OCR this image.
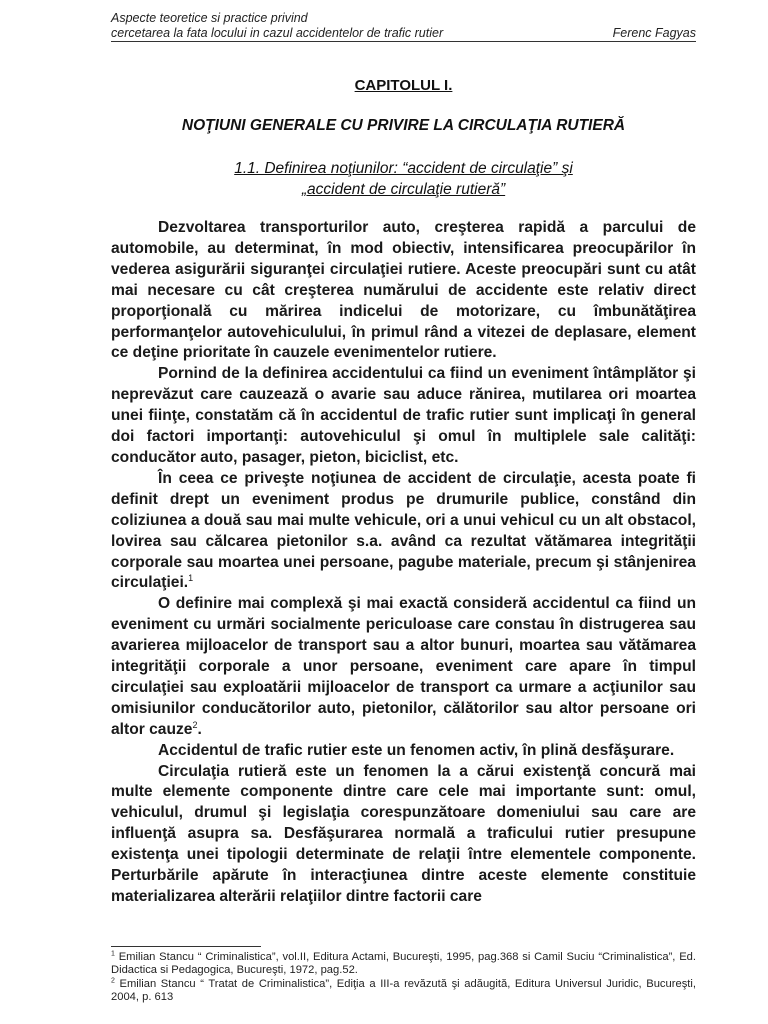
Aspecte teoretice si practice privind
cercetarea la fata locului in cazul accidentelor de trafic rutier	Ferenc Fagyas
CAPITOLUL I.
NOŢIUNI GENERALE CU PRIVIRE LA CIRCULAŢIA RUTIERĂ
1.1. Definirea noţiunilor: “accident de circulaţie” şi
„accident de circulaţie rutieră”

Dezvoltarea transporturilor auto, creşterea rapidă a parcului de automobile, au determinat, în mod obiectiv, intensificarea preocupărilor în vederea asigurării siguranţei circulaţiei rutiere. Aceste preocupări sunt cu atât mai necesare cu cât creşterea numărului de accidente este relativ direct proporţională cu mărirea indicelui de motorizare, cu îmbunătăţirea performanţelor autovehiculului, în primul rând a vitezei de deplasare, element ce deţine prioritate în cauzele evenimentelor rutiere.

Pornind de la definirea accidentului ca fiind un eveniment întâmplător şi neprevăzut care cauzează o avarie sau aduce rănirea, mutilarea ori moartea unei fiinţe, constatăm că în accidentul de trafic rutier sunt implicaţi în general doi factori importanţi: autovehiculul şi omul în multiplele sale calităţi: conducător auto, pasager, pieton, biciclist, etc.

În ceea ce priveşte noţiunea de accident de circulaţie, acesta poate fi definit drept un eveniment produs pe drumurile publice, constând din coliziunea a două sau mai multe vehicule, ori a unui vehicul cu un alt obstacol, lovirea sau călcarea pietonilor s.a. având ca rezultat vătămarea integrităţii corporale sau moartea unei persoane, pagube materiale, precum şi stânjenirea circulaţiei.$^1$

O definire mai complexă şi mai exactă consideră accidentul ca fiind un eveniment cu urmări socialmente periculoase care constau în distrugerea sau avarierea mijloacelor de transport sau a altor bunuri, moartea sau vătămarea integrităţii corporale a unor persoane, eveniment care apare în timpul circulaţiei sau exploatării mijloacelor de transport ca urmare a acţiunilor sau omisiunilor conducătorilor auto, pietonilor, călătorilor sau altor persoane ori altor cauze$^2$.

Accidentul de trafic rutier este un fenomen activ, în plină desfăşurare.

Circulaţia rutieră este un fenomen la a cărui existenţă concură mai multe elemente componente dintre care cele mai importante sunt: omul, vehiculul, drumul şi legislaţia corespunzătoare domeniului sau care are influenţă asupra sa. Desfăşurarea normală a traficului rutier presupune existenţa unei tipologii determinate de relaţii între elementele componente. Perturbările apărute în interacţiunea dintre aceste elemente constituie materializarea alterării relaţiilor dintre factorii care

$^1$ Emilian Stancu “ Criminalistica”, vol.II, Editura Actami, Bucureşti, 1995, pag.368 si Camil Suciu “Criminalistica”, Ed. Didactica si Pedagogica, Bucureşti, 1972, pag.52.

$^2$ Emilian Stancu “ Tratat de Criminalistica”, Ediţia a III-a revăzută şi adăugită, Editura Universul Juridic, Bucureşti, 2004, p. 613
